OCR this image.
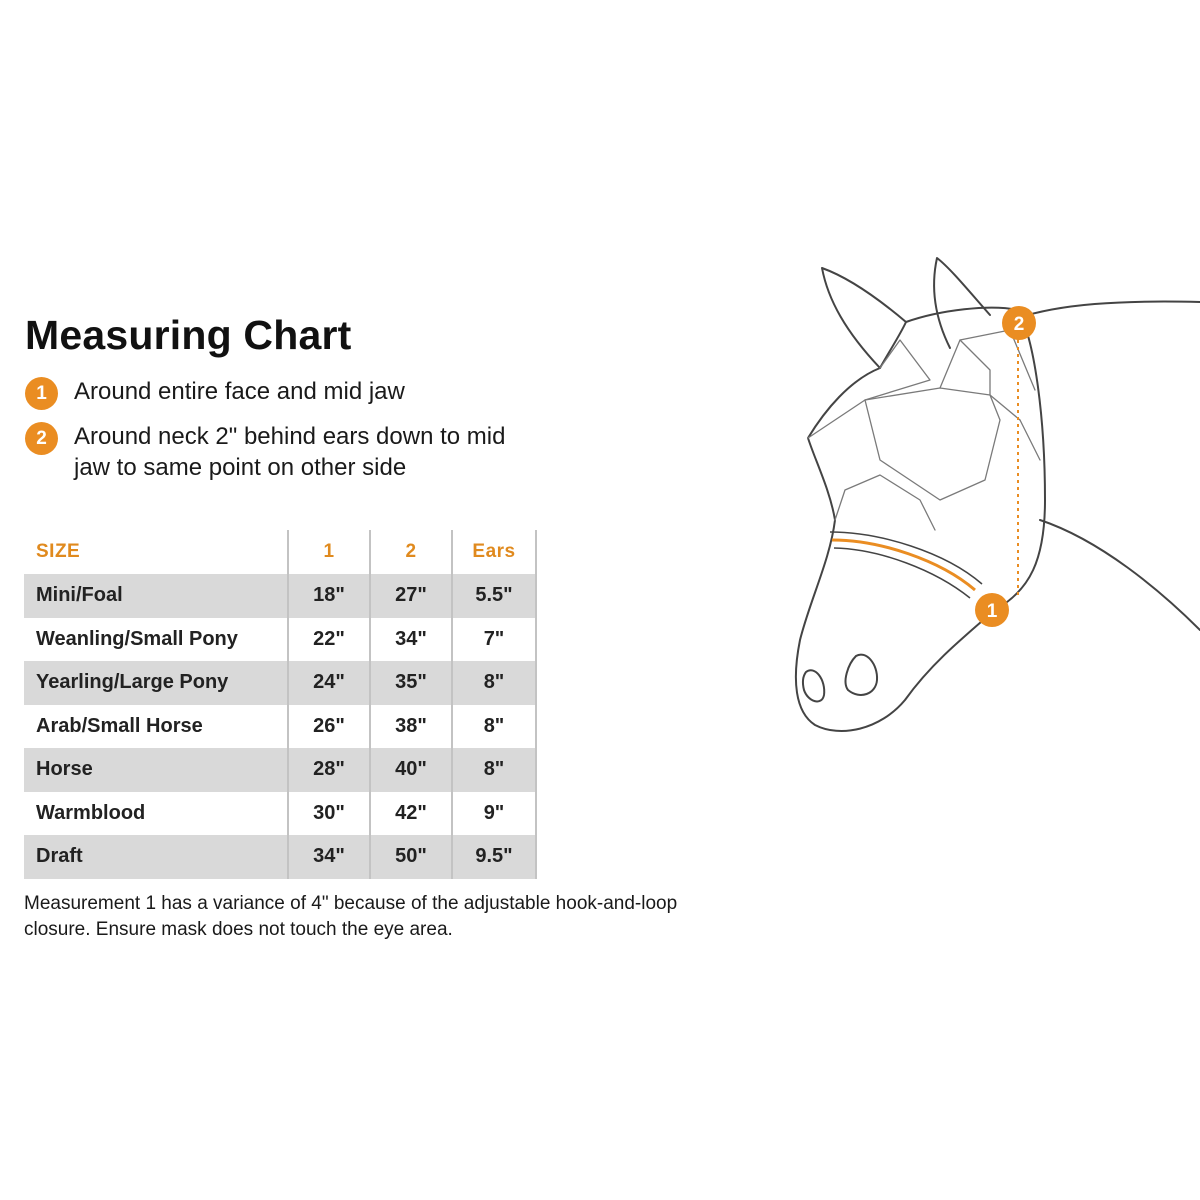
Measuring Chart
1	Around entire face and mid jaw
2	Around neck 2" behind ears down to mid jaw to same point on other side
SIZE	1	2	Ears
Mini/Foal	18"	27"	5.5"
Weanling/Small Pony	22"	34"	7"
Yearling/Large Pony	24"	35"	8"
Arab/Small Horse	26"	38"	8"
Horse	28"	40"	8"
Warmblood	30"	42"	9"
Draft	34"	50"	9.5"
Measurement 1 has a variance of 4" because of the adjustable hook-and-loop closure. Ensure mask does not touch the eye area.
2
1
